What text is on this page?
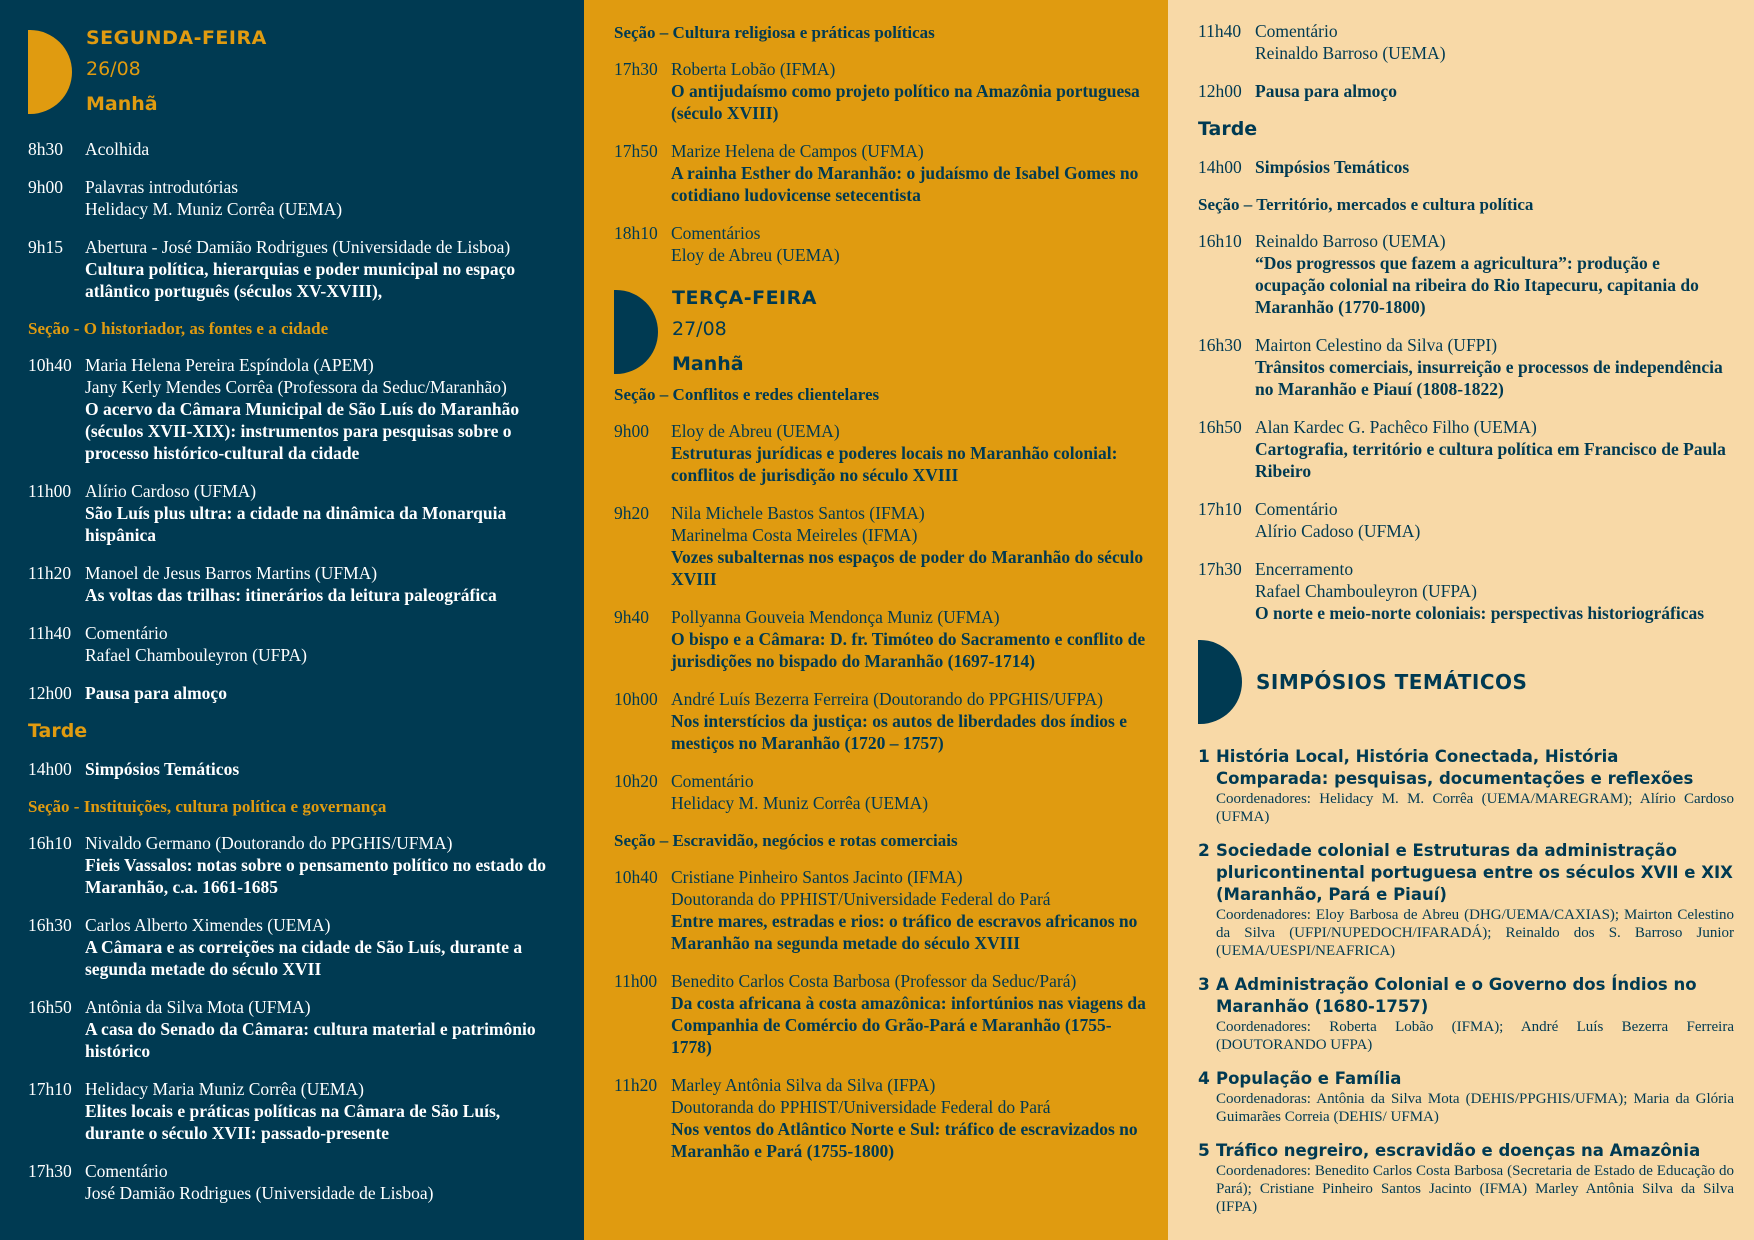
SEGUNDA-FEIRA
26/08
Manhã
8h30	Acolhida
9h00	Palavras introdutórias
Helidacy M. Muniz Corrêa (UEMA)
9h15	Abertura - José Damião Rodrigues (Universidade de Lisboa)
Cultura política, hierarquias e poder municipal no espaço atlântico português (séculos XV-XVIII),
Seção - O historiador, as fontes e a cidade
10h40 Maria Helena Pereira Espíndola (APEM)
Jany Kerly Mendes Corrêa (Professora da Seduc/Maranhão)
O acervo da Câmara Municipal de São Luís do Maranhão (séculos XVII-XIX): instrumentos para pesquisas sobre o processo histórico-cultural da cidade
11h00 Alírio Cardoso (UFMA)
São Luís plus ultra: a cidade na dinâmica da Monarquia hispânica
11h20 Manoel de Jesus Barros Martins (UFMA)
As voltas das trilhas: itinerários da leitura paleográfica
11h40 Comentário
Rafael Chambouleyron (UFPA)
12h00 Pausa para almoço
Tarde
14h00 Simpósios Temáticos
Seção - Instituições, cultura política e governança
16h10 Nivaldo Germano (Doutorando do PPGHIS/UFMA)
Fieis Vassalos: notas sobre o pensamento político no estado do Maranhão, c.a. 1661-1685
16h30 Carlos Alberto Ximendes (UEMA)
A Câmara e as correições na cidade de São Luís, durante a segunda metade do século XVII
16h50 Antônia da Silva Mota (UFMA)
A casa do Senado da Câmara: cultura material e patrimônio histórico
17h10 Helidacy Maria Muniz Corrêa (UEMA)
Elites locais e práticas políticas na Câmara de São Luís, durante o século XVII: passado-presente
17h30 Comentário
José Damião Rodrigues (Universidade de Lisboa)
Seção – Cultura religiosa e práticas políticas
17h30 Roberta Lobão (IFMA)
O antijudaísmo como projeto político na Amazônia portuguesa (século XVIII)
17h50 Marize Helena de Campos (UFMA)
A rainha Esther do Maranhão: o judaísmo de Isabel Gomes no cotidiano ludovicense setecentista
18h10 Comentários
Eloy de Abreu (UEMA)
TERÇA-FEIRA
27/08
Manhã
Seção – Conflitos e redes clientelares
9h00	Eloy de Abreu (UEMA)
Estruturas jurídicas e poderes locais no Maranhão colonial: conflitos de jurisdição no século XVIII
9h20	Nila Michele Bastos Santos (IFMA)
Marinelma Costa Meireles (IFMA)
Vozes subalternas nos espaços de poder do Maranhão do século XVIII
9h40	Pollyanna Gouveia Mendonça Muniz (UFMA)
O bispo e a Câmara: D. fr. Timóteo do Sacramento e conflito de jurisdições no bispado do Maranhão (1697-1714)
10h00 André Luís Bezerra Ferreira (Doutorando do PPGHIS/UFPA)
Nos interstícios da justiça: os autos de liberdades dos índios e mestiços no Maranhão (1720 – 1757)
10h20 Comentário
Helidacy M. Muniz Corrêa (UEMA)
Seção – Escravidão, negócios e rotas comerciais
10h40 Cristiane Pinheiro Santos Jacinto (IFMA)
Doutoranda do PPHIST/Universidade Federal do Pará
Entre mares, estradas e rios: o tráfico de escravos africanos no Maranhão na segunda metade do século XVIII
11h00 Benedito Carlos Costa Barbosa (Professor da Seduc/Pará)
Da costa africana à costa amazônica: infortúnios nas viagens da Companhia de Comércio do Grão-Pará e Maranhão (1755-1778)
11h20 Marley Antônia Silva da Silva (IFPA)
Doutoranda do PPHIST/Universidade Federal do Pará
Nos ventos do Atlântico Norte e Sul: tráfico de escravizados no Maranhão e Pará (1755-1800)
11h40 Comentário
Reinaldo Barroso (UEMA)
12h00 Pausa para almoço
Tarde
14h00 Simpósios Temáticos
Seção – Território, mercados e cultura política
16h10 Reinaldo Barroso (UEMA)
“Dos progressos que fazem a agricultura”: produção e ocupação colonial na ribeira do Rio Itapecuru, capitania do Maranhão (1770-1800)
16h30 Mairton Celestino da Silva (UFPI)
Trânsitos comerciais, insurreição e processos de independência no Maranhão e Piauí (1808-1822)
16h50 Alan Kardec G. Pachêco Filho (UEMA)
Cartografia, território e cultura política em Francisco de Paula Ribeiro
17h10 Comentário
Alírio Cadoso (UFMA)
17h30 Encerramento
Rafael Chambouleyron (UFPA)
O norte e meio-norte coloniais: perspectivas historiográficas
SIMPÓSIOS TEMÁTICOS
1 História Local, História Conectada, História Comparada: pesquisas, documentações e reflexões
Coordenadores: Helidacy M. M. Corrêa (UEMA/MAREGRAM); Alírio Cardoso (UFMA)
2 Sociedade colonial e Estruturas da administração pluricontinental portuguesa entre os séculos XVII e XIX (Maranhão, Pará e Piauí)
Coordenadores: Eloy Barbosa de Abreu (DHG/UEMA/CAXIAS); Mairton Celestino da Silva (UFPI/NUPEDOCH/IFARADÁ); Reinaldo dos S. Barroso Junior (UEMA/UESPI/NEAFRICA)
3 A Administração Colonial e o Governo dos Índios no Maranhão (1680-1757)
Coordenadores: Roberta Lobão (IFMA); André Luís Bezerra Ferreira (DOUTORANDO UFPA)
4 População e Família
Coordenadoras: Antônia da Silva Mota (DEHIS/PPGHIS/UFMA); Maria da Glória Guimarães Correia (DEHIS/ UFMA)
5 Tráfico negreiro, escravidão e doenças na Amazônia
Coordenadores: Benedito Carlos Costa Barbosa (Secretaria de Estado de Educação do Pará); Cristiane Pinheiro Santos Jacinto (IFMA) Marley Antônia Silva da Silva (IFPA)
